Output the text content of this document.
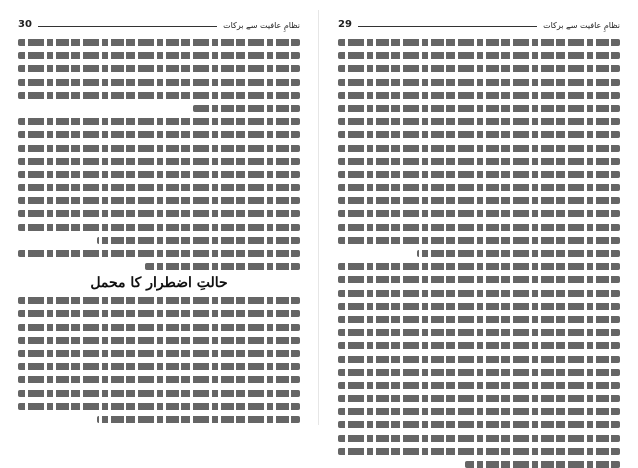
نظامِ عافیت سے برکات
30
حالتِ اضطرار کا محمل
نظامِ عافیت سے برکات
29
